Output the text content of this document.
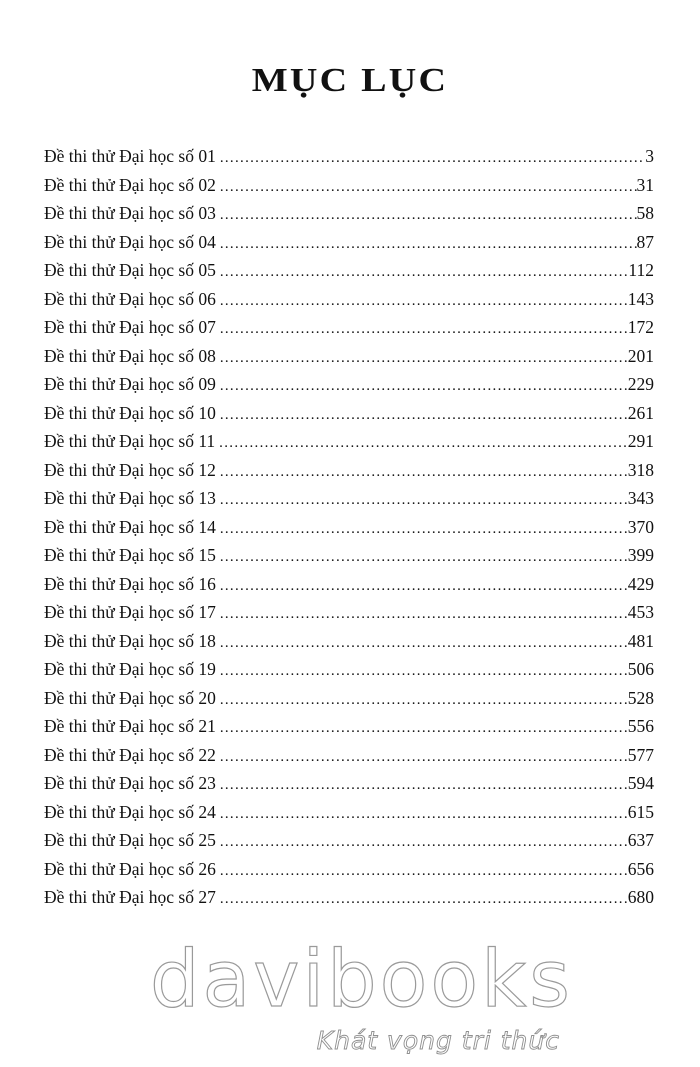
MỤC LỤC
Đề thi thử Đại học số 01 .....	3
Đề thi thử Đại học số 02 .....	31
Đề thi thử Đại học số 03 .....	58
Đề thi thử Đại học số 04 .....	87
Đề thi thử Đại học số 05 .....	112
Đề thi thử Đại học số 06 .....	143
Đề thi thử Đại học số 07 .....	172
Đề thi thử Đại học số 08 .....	201
Đề thi thử Đại học số 09 .....	229
Đề thi thử Đại học số 10 .....	261
Đề thi thử Đại học số 11 .....	291
Đề thi thử Đại học số 12 .....	318
Đề thi thử Đại học số 13 .....	343
Đề thi thử Đại học số 14 .....	370
Đề thi thử Đại học số 15 .....	399
Đề thi thử Đại học số 16 .....	429
Đề thi thử Đại học số 17 .....	453
Đề thi thử Đại học số 18 .....	481
Đề thi thử Đại học số 19 .....	506
Đề thi thử Đại học số 20 .....	528
Đề thi thử Đại học số 21 .....	556
Đề thi thử Đại học số 22 .....	577
Đề thi thử Đại học số 23 .....	594
Đề thi thử Đại học số 24 .....	615
Đề thi thử Đại học số 25 .....	637
Đề thi thử Đại học số 26 .....	656
Đề thi thử Đại học số 27 .....	680
davibooks
Khát vọng tri thức
